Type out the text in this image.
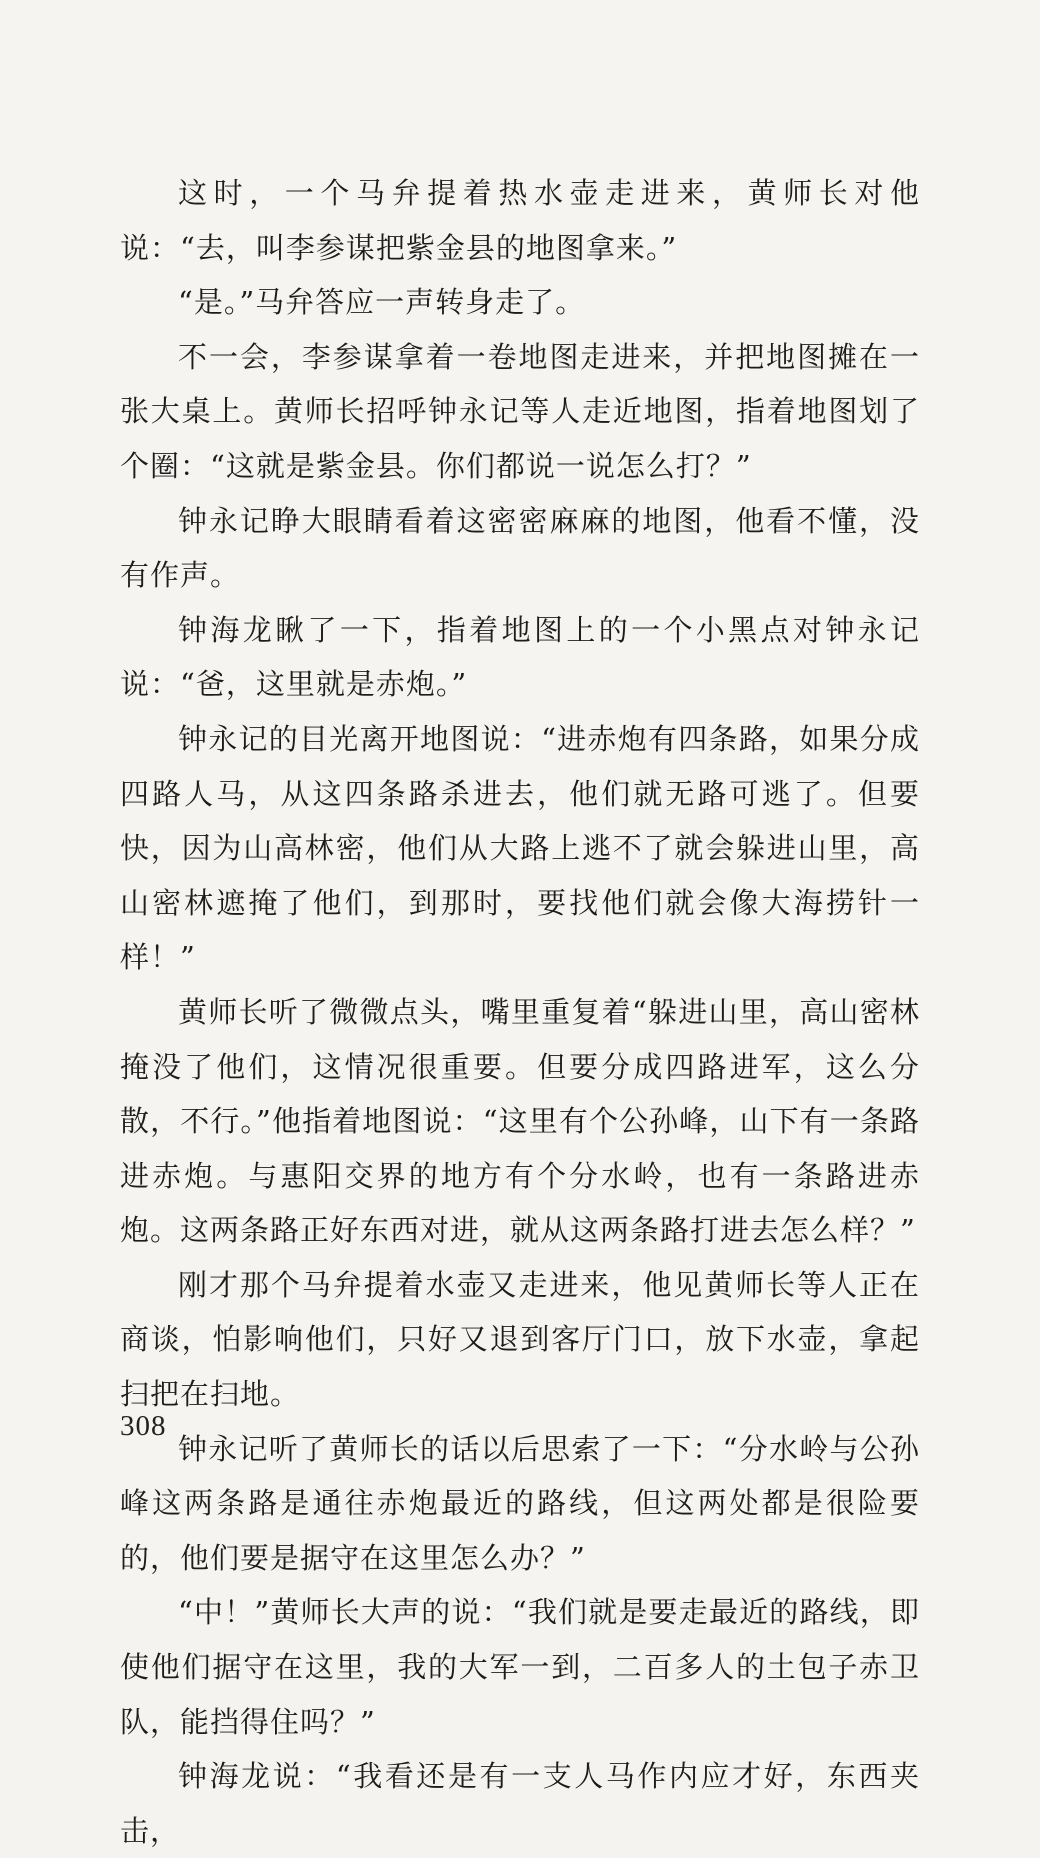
这时，一个马弁提着热水壶走进来，黄师长对他说：“去，叫李参谋把紫金县的地图拿来。”

“是。”马弁答应一声转身走了。

不一会，李参谋拿着一卷地图走进来，并把地图摊在一张大桌上。黄师长招呼钟永记等人走近地图，指着地图划了个圈：“这就是紫金县。你们都说一说怎么打？”

钟永记睁大眼睛看着这密密麻麻的地图，他看不懂，没有作声。

钟海龙瞅了一下，指着地图上的一个小黑点对钟永记说：“爸，这里就是赤炮。”

钟永记的目光离开地图说：“进赤炮有四条路，如果分成四路人马，从这四条路杀进去，他们就无路可逃了。但要快，因为山高林密，他们从大路上逃不了就会躲进山里，高山密林遮掩了他们，到那时，要找他们就会像大海捞针一样！”

黄师长听了微微点头，嘴里重复着“躲进山里，高山密林掩没了他们，这情况很重要。但要分成四路进军，这么分散，不行。”他指着地图说：“这里有个公孙峰，山下有一条路进赤炮。与惠阳交界的地方有个分水岭，也有一条路进赤炮。这两条路正好东西对进，就从这两条路打进去怎么样？”

刚才那个马弁提着水壶又走进来，他见黄师长等人正在商谈，怕影响他们，只好又退到客厅门口，放下水壶，拿起扫把在扫地。

钟永记听了黄师长的话以后思索了一下：“分水岭与公孙峰这两条路是通往赤炮最近的路线，但这两处都是很险要的，他们要是据守在这里怎么办？”

“中！”黄师长大声的说：“我们就是要走最近的路线，即使他们据守在这里，我的大军一到，二百多人的土包子赤卫队，能挡得住吗？”

钟海龙说：“我看还是有一支人马作内应才好，东西夹击，

308
